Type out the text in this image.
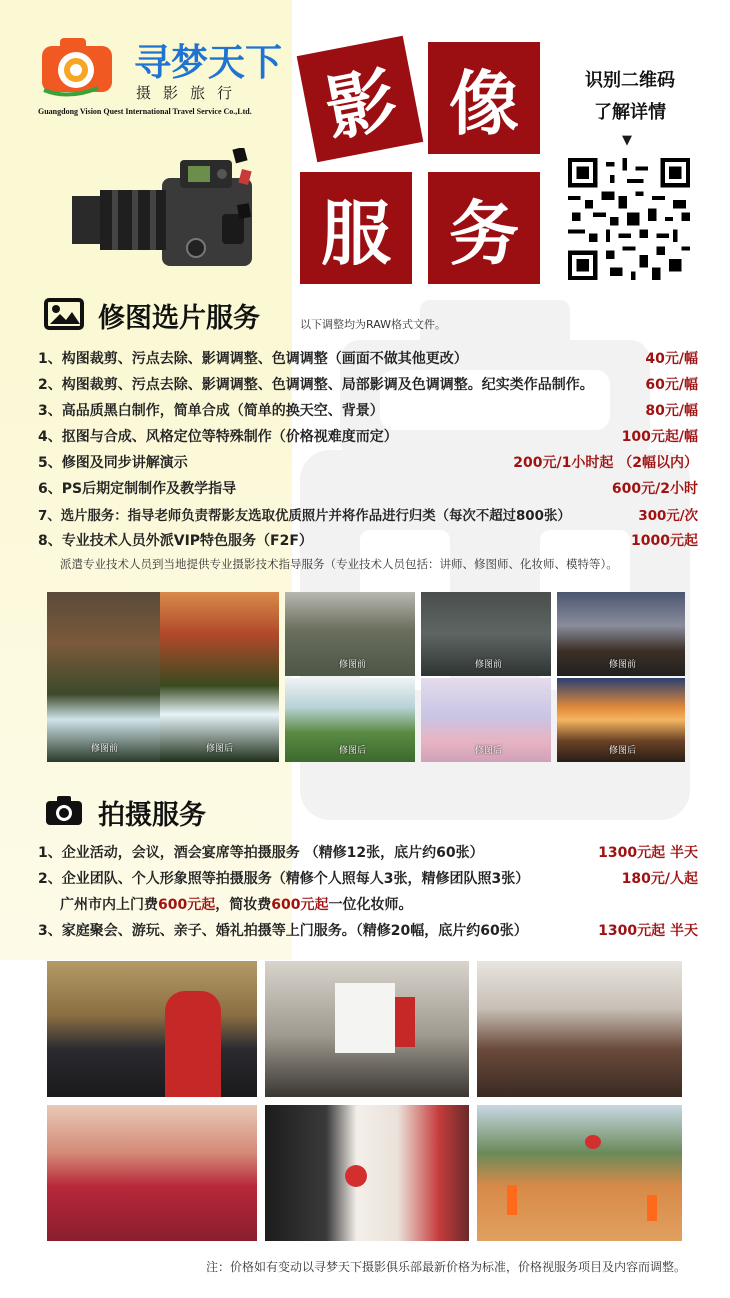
寻梦天下
摄影旅行
Guangdong Vision Quest International Travel Service Co.,Ltd. 影 像
服 务
识别二维码
了解详情
▼
修图选片服务	以下调整均为RAW格式文件。
1、构图裁剪、污点去除、影调调整、色调调整（画面不做其他更改）	40元/幅
2、构图裁剪、污点去除、影调调整、色调调整、局部影调及色调调整。纪实类作品制作。	60元/幅
3、高品质黑白制作，简单合成（简单的换天空、背景）	80元/幅
4、抠图与合成、风格定位等特殊制作（价格视难度而定）	100元起/幅
5、修图及同步讲解演示	200元/1小时起 （2幅以内）
6、PS后期定制制作及教学指导	600元/2小时
7、选片服务：指导老师负责帮影友选取优质照片并将作品进行归类（每次不超过800张）	300元/次
8、专业技术人员外派VIP特色服务（F2F）	1000元起
派遣专业技术人员到当地提供专业摄影技术指导服务（专业技术人员包括：讲师、修图师、化妆师、模特等）。
修图前	修图后
修图前
修图后
修图前
修图后
修图前
修图后
拍摄服务
1、企业活动，会议，酒会宴席等拍摄服务 （精修12张，底片约60张）	1300元起 半天
2、企业团队、个人形象照等拍摄服务（精修个人照每人3张，精修团队照3张）	180元/人起
广州市内上门费 600元起 ，简妆费 600元起 一位化妆师。
3、家庭聚会、游玩、亲子、婚礼拍摄等上门服务。（精修20幅，底片约60张）	1300元起 半天
注：价格如有变动以寻梦天下摄影俱乐部最新价格为标准，价格视服务项目及内容而调整。
